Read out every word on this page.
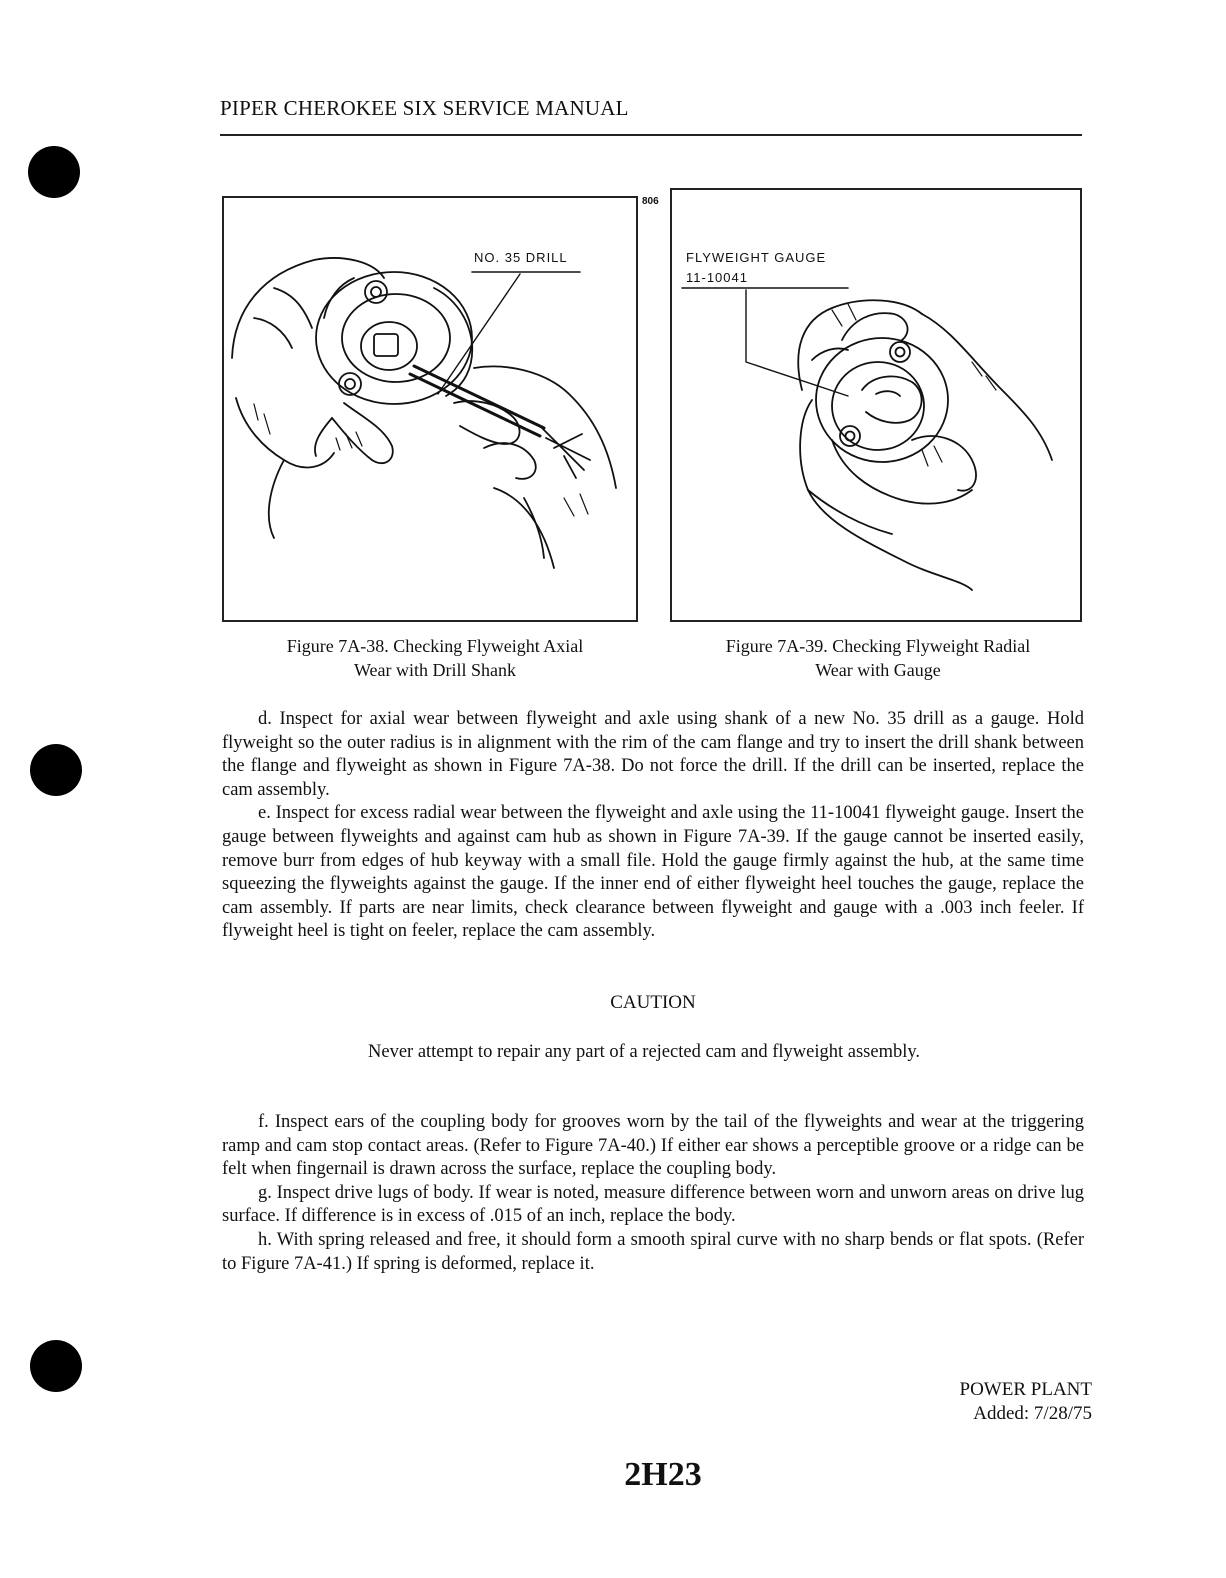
PIPER CHEROKEE SIX SERVICE MANUAL
NO. 35 DRILL
Figure 7A-38. Checking Flyweight Axial
Wear with Drill Shank
806
FLYWEIGHT GAUGE
11-10041
Figure 7A-39. Checking Flyweight Radial
Wear with Gauge

d. Inspect for axial wear between flyweight and axle using shank of a new No. 35 drill as a gauge. Hold flyweight so the outer radius is in alignment with the rim of the cam flange and try to insert the drill shank between the flange and flyweight as shown in Figure 7A-38. Do not force the drill. If the drill can be inserted, replace the cam assembly.

e. Inspect for excess radial wear between the flyweight and axle using the 11-10041 flyweight gauge. Insert the gauge between flyweights and against cam hub as shown in Figure 7A-39. If the gauge cannot be inserted easily, remove burr from edges of hub keyway with a small file. Hold the gauge firmly against the hub, at the same time squeezing the flyweights against the gauge. If the inner end of either flyweight heel touches the gauge, replace the cam assembly. If parts are near limits, check clearance between flyweight and gauge with a .003 inch feeler. If flyweight heel is tight on feeler, replace the cam assembly.

CAUTION
Never attempt to repair any part of a rejected cam and flyweight assembly.

f. Inspect ears of the coupling body for grooves worn by the tail of the flyweights and wear at the triggering ramp and cam stop contact areas. (Refer to Figure 7A-40.) If either ear shows a perceptible groove or a ridge can be felt when fingernail is drawn across the surface, replace the coupling body.

g. Inspect drive lugs of body. If wear is noted, measure difference between worn and unworn areas on drive lug surface. If difference is in excess of .015 of an inch, replace the body.

h. With spring released and free, it should form a smooth spiral curve with no sharp bends or flat spots. (Refer to Figure 7A-41.) If spring is deformed, replace it.

POWER PLANT
Added: 7/28/75
2H23
